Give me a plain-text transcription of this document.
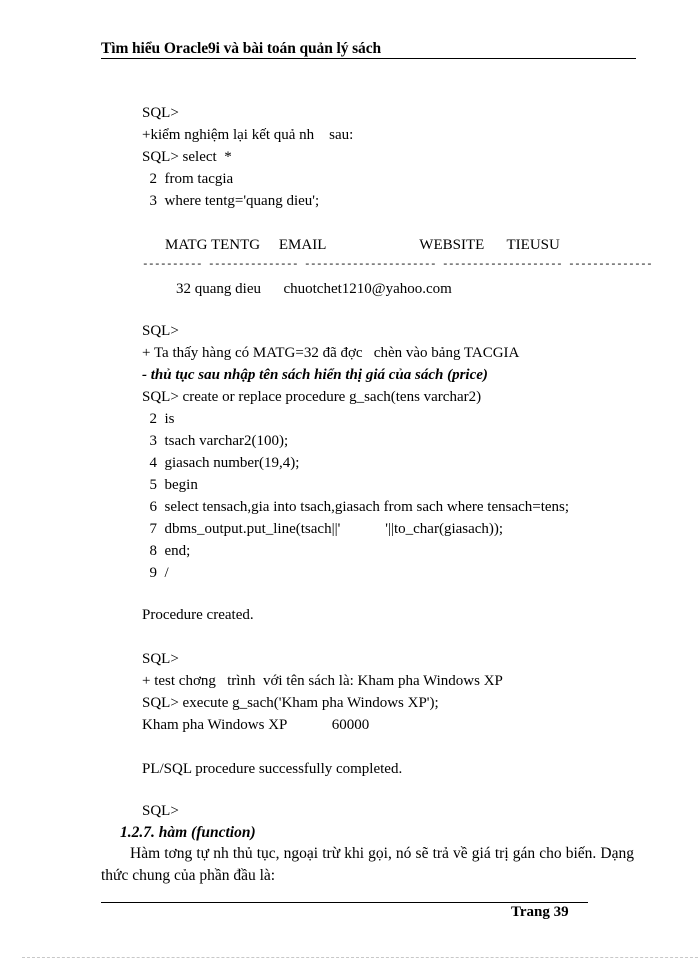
Tìm hiểu Oracle9i và bài toán quản lý sách
SQL>
+kiểm nghiệm lại kết quả nh    sau:
SQL> select  *
2  from tacgia
3  where tentg='quang dieu';
MATG TENTG     EMAIL                         WEBSITE      TIEUSU
---------- --------------- ---------------------- -------------------- --------------
32 quang dieu      chuotchet1210@yahoo.com
SQL>
+ Ta thấy hàng có MATG=32 đã đợc   chèn vào bảng TACGIA
- thủ tục sau nhập tên sách hiển thị giá của sách (price)
SQL> create or replace procedure g_sach(tens varchar2)
2  is
3  tsach varchar2(100);
4  giasach number(19,4);
5  begin
6  select tensach,gia into tsach,giasach from sach where tensach=tens;
7  dbms_output.put_line(tsach||'            '||to_char(giasach));
8  end;
9  /
Procedure created.
SQL>
+ test chơng   trình  với tên sách là: Kham pha Windows XP
SQL> execute g_sach('Kham pha Windows XP');
Kham pha Windows XP            60000
PL/SQL procedure successfully completed.
SQL>
1.2.7. hàm (function)
Hàm tơng tự nh thủ tục, ngoại trừ khi gọi, nó sẽ trả về giá trị gán cho biến. Dạng thức chung của phần đầu là:
Trang 39
